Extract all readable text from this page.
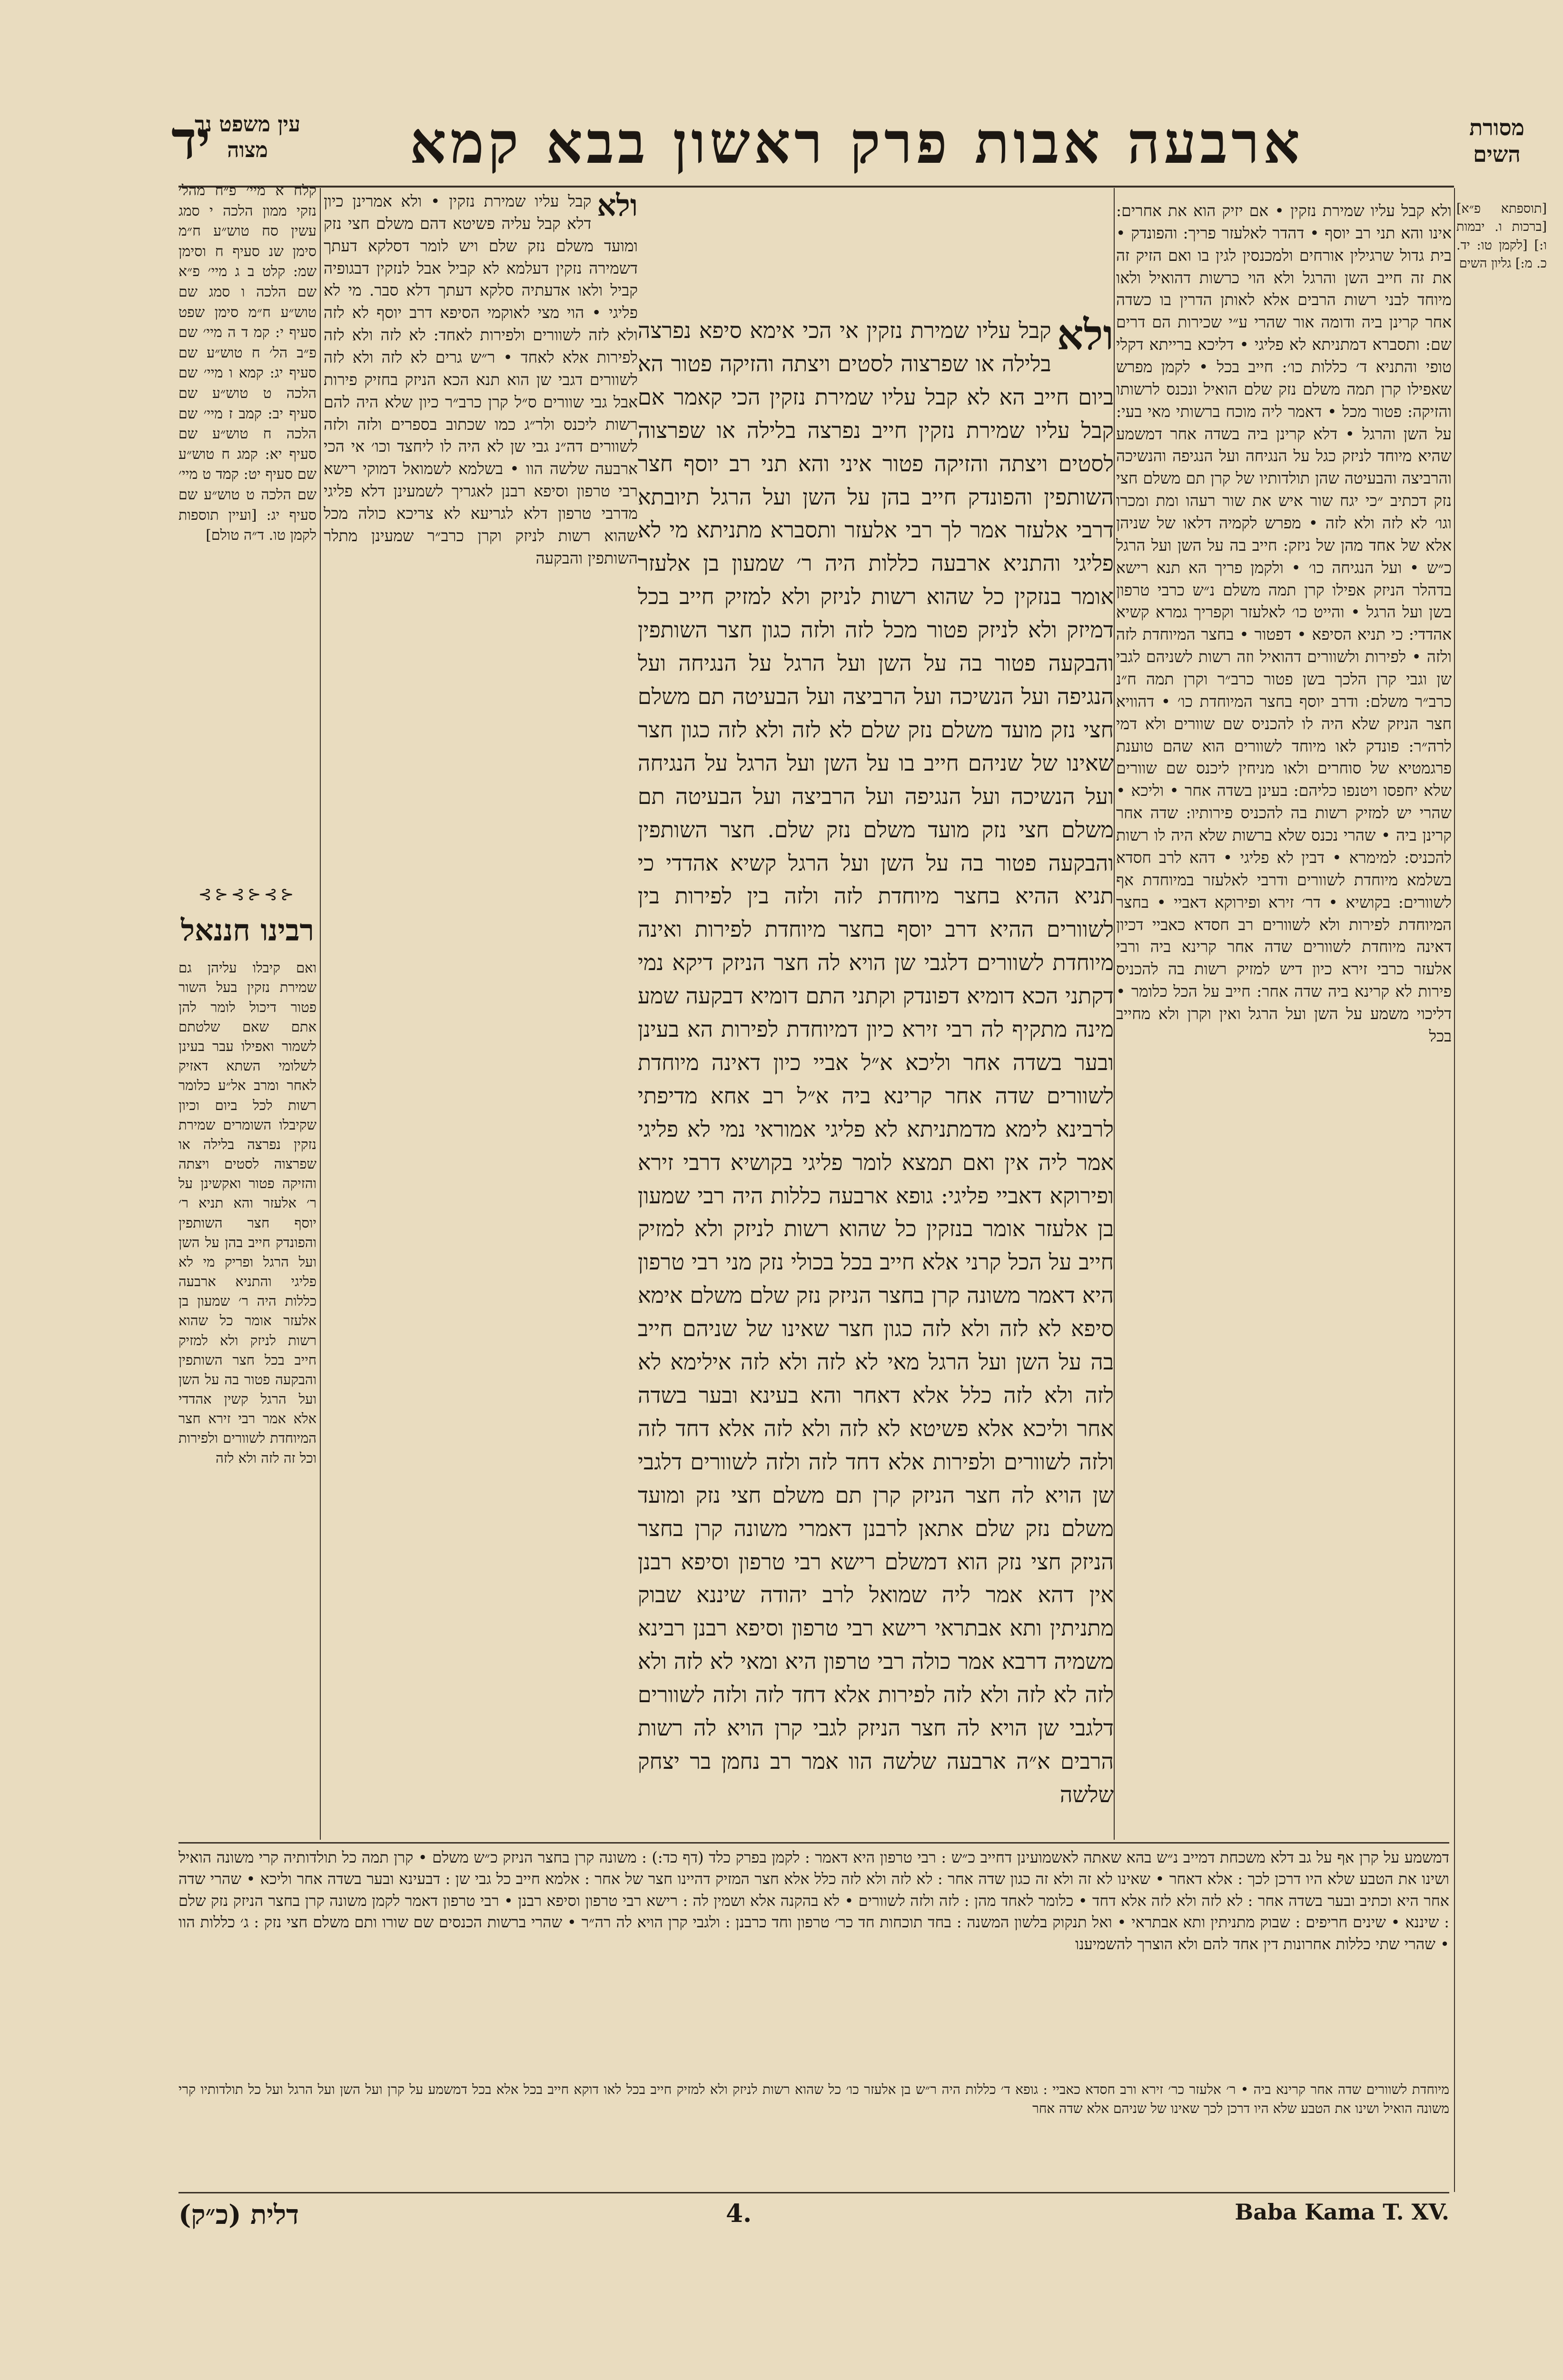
יד	ארבעה אבות פרק ראשון בבא קמא	מסורת השים
עין משפט נר מצוה
[תוספתא פ״א] [ברכות ו. יבמות ו:] [לקמן טו: יד. כ. מ:] גליון השים
ולא קבל עליו שמירת נזקין • אם יזיק הוא את אחרים: אינו והא תני רב יוסף • דהדר לאלעזר פריך: והפונדק • בית גדול שרגילין אורחים ולמכנסין לגין בו ואם הזיק זה את זה חייב השן והרגל ולא הוי כרשות דהואיל ולאו מיוחד לבני רשות הרבים אלא לאותן הדרין בו כשדה אחר קרינן ביה ודומה אור שהרי ע״י שכירות הם דרים שם: ותסברא דמתניתא לא פליגי • דליכא ברייתא דקלי טופי והתניא ד׳ כללות כו׳: חייב בכל • לקמן מפרש שאפילו קרן תמה משלם נזק שלם הואיל ונכנס לרשותו והזיקה: פטור מכל • דאמר ליה מוכח ברשותי מאי בעי: על השן והרגל • דלא קרינן ביה בשדה אחר דמשמע שהיא מיוחד לניזק כגל על הנגיחה ועל הנגיפה והנשיכה והרביצה והבעיטה שהן תולדותיו של קרן תם משלם חצי נזק דכתיב ״כי יגח שור איש את שור רעהו ומת ומכרו וגו׳ לא לזה ולא לזה • מפרש לקמיה דלאו של שניהן אלא של אחד מהן של ניזק: חייב בה על השן ועל הרגל כ״ש • ועל הנגיחה כו׳ • ולקמן פריך הא תנא רישא בדהלר הניזק אפילו קרן תמה משלם נ״ש כרבי טרפון בשן ועל הרגל • והייט כו׳ לאלעזר וקפריך גמרא קשיא אהדדי: כי תניא הסיפא • דפטור • בחצר המיוחדת לזה ולזה • לפירות ולשוורים דהואיל וזה רשות לשניהם לגבי שן וגבי קרן הלכך בשן פטור כרב״ר וקרן תמה ח״נ כרב״ר משלם: ודרב יוסף בחצר המיוחדת כו׳ • דהוויא חצר הניזק שלא היה לו להכניס שם שוורים ולא דמי לרה״ר: פונדק לאו מיוחד לשוורים הוא שהם טוענת פרגמטיא של סוחרים ולאו מניחין ליכנס שם שוורים שלא יחפסו ויטנפו כליהם: בעינן בשדה אחר • וליכא • שהרי יש למזיק רשות בה להכניס פירותיו: שדה אחר קרינן ביה • שהרי נכנס שלא ברשות שלא היה לו רשות להכניס: למימרא • דבין לא פליגי • דהא לרב חסדא בשלמא מיוחדת לשוורים ודרבי לאלעזר במיוחדת אף לשוורים: בקושיא • דר׳ זירא ופירוקא דאביי • בחצר המיוחדת לפירות ולא לשוורים רב חסדא כאביי דכיון דאינה מיוחדת לשוורים שדה אחר קרינא ביה ורבי אלעזר כרבי זירא כיון דיש למזיק רשות בה להכניס פירות לא קרינא ביה שדה אחר: חייב על הכל כלומר • דליכוי משמע על השן ועל הרגל ואין וקרן ולא מחייב בכל
ולא
קבל עליו שמירת נזקין אי הכי אימא סיפא נפרצה בלילה או שפרצוה לסטים ויצתה והזיקה פטור הא ביום חייב הא לא קבל עליו שמירת נזקין הכי קאמר אם קבל עליו שמירת נזקין חייב נפרצה בלילה או שפרצוה לסטים ויצתה והזיקה פטור איני והא תני רב יוסף חצר השותפין והפונדק חייב בהן על השן ועל הרגל תיובתא דרבי אלעזר אמר לך רבי אלעזר ותסברא מתניתא מי לא פליגי והתניא ארבעה כללות היה ר׳ שמעון בן אלעזר אומר בנזקין כל שהוא רשות לניזק ולא למזיק חייב בכל דמיזק ולא לניזק פטור מכל לזה ולזה כגון חצר השותפין והבקעה פטור בה על השן ועל הרגל על הנגיחה ועל הנגיפה ועל הנשיכה ועל הרביצה ועל הבעיטה תם משלם חצי נזק מועד משלם נזק שלם לא לזה ולא לזה כגון חצר שאינו של שניהם חייב בו על השן ועל הרגל על הנגיחה ועל הנשיכה ועל הנגיפה ועל הרביצה ועל הבעיטה תם משלם חצי נזק מועד משלם נזק שלם. חצר השותפין והבקעה פטור בה על השן ועל הרגל קשיא אהדדי כי תניא ההיא בחצר מיוחדת לזה ולזה בין לפירות בין לשוורים ההיא דרב יוסף בחצר מיוחדת לפירות ואינה מיוחדת לשוורים דלגבי שן הויא לה חצר הניזק דיקא נמי דקתני הכא דומיא דפונדק וקתני התם דומיא דבקעה שמע מינה מתקיף לה רבי זירא כיון דמיוחדת לפירות הא בעינן ובער בשדה אחר וליכא א״ל אביי כיון דאינה מיוחדת לשוורים שדה אחר קרינא ביה א״ל רב אחא מדיפתי לרבינא לימא מדמתניתא לא פליגי אמוראי נמי לא פליגי אמר ליה אין ואם תמצא לומר פליגי בקושיא דרבי זירא ופירוקא דאביי פליגי: גופא ארבעה כללות היה רבי שמעון בן אלעזר אומר בנזקין כל שהוא רשות לניזק ולא למזיק חייב על הכל קרני אלא חייב בכל בכולי נזק מני רבי טרפון היא דאמר משונה קרן בחצר הניזק נזק שלם משלם אימא סיפא לא לזה ולא לזה כגון חצר שאינו של שניהם חייב בה על השן ועל הרגל מאי לא לזה ולא לזה אילימא לא לזה ולא לזה כלל אלא דאחר והא בעינא ובער בשדה אחר וליכא אלא פשיטא לא לזה ולא לזה אלא דחד לזה ולזה לשוורים ולפירות אלא דחד לזה ולזה לשוורים דלגבי שן הויא לה חצר הניזק קרן תם משלם חצי נזק ומועד משלם נזק שלם אתאן לרבנן דאמרי משונה קרן בחצר הניזק חצי נזק הוא דמשלם רישא רבי טרפון וסיפא רבנן אין דהא אמר ליה שמואל לרב יהודה שיננא שבוק מתניתין ותא אבתראי רישא רבי טרפון וסיפא רבנן רבינא משמיה דרבא אמר כולה רבי טרפון היא ומאי לא לזה ולא לזה לא לזה ולא לזה לפירות אלא דחד לזה ולזה לשוורים דלגבי שן הויא לה חצר הניזק לגבי קרן הויא לה רשות הרבים א״ה ארבעה שלשה הוו אמר רב נחמן בר יצחק שלשה
ולא
קבל עליו שמירת נזקין • ולא אמרינן כיון דלא קבל עליה פשיטא דהם משלם חצי נזק ומועד משלם נזק שלם ויש לומר דסלקא דעתך דשמירה נזקין דעלמא לא קביל אבל לנזקין דבגופיה קביל ולאו אדעתיה סלקא דעתך דלא סבר. מי לא פליגי • הוי מצי לאוקמי הסיפא דרב יוסף לא לזה ולא לזה לשוורים ולפירות לאחד: לא לזה ולא לזה לפירות אלא לאחד • ר״ש גרים לא לזה ולא לזה לשוורים דגבי שן הוא תנא הכא הניזק בחזיק פירות אבל גבי שוורים ס״ל קרן כרב״ר כיון שלא היה להם רשות ליכנס ולר״ג כמו שכתוב בספרים ולזה ולזה לשוורים דה״נ גבי שן לא היה לו ליחצד וכו׳ אי הכי ארבעה שלשה הוו • בשלמא לשמואל דמוקי רישא רבי טרפון וסיפא רבנן לאגריך לשמעינן דלא פליגי מדרבי טרפון דלא לגריעא לא צריכא כולה מכל שהוא רשות לניזק וקרן כרב״ר שמעינן מתלר השותפין והבקעה
קלח א מיי׳ פ״ח מהל׳ נזקי ממון הלכה י סמג עשין סח טוש״ע ח״מ סימן שנ סעיף ח וסימן שמ: קלט ב ג מיי׳ פ״א שם הלכה ו סמג שם טוש״ע ח״מ סימן שפט סעיף י: קמ ד ה מיי׳ שם פ״ב הל׳ ח טוש״ע שם סעיף יג: קמא ו מיי׳ שם הלכה ט טוש״ע שם סעיף יב: קמב ז מיי׳ שם הלכה ח טוש״ע שם סעיף יא: קמג ח טוש״ע שם סעיף יט: קמד ט מיי׳ שם הלכה ט טוש״ע שם סעיף יג: [ועיין תוספות לקמן טו. ד״ה טולם]
⊰⊱⊰⊱⊰⊱
רבינו חננאל
ואם קיבלו עליהן גם שמירת נזקין בעל השור פטור דיכול לומר להן אתם שאם שלטתם לשמור ואפילו עבר בעינן לשלומי השתא דאזיק לאחר ומרב אל״ע כלומר רשות לכל ביום וכיון שקיבלו השומרים שמירת נזקין נפרצה בלילה או שפרצוה לסטים ויצתה והזיקה פטור ואקשינן על ר׳ אלעזר והא תניא ר׳ יוסף חצר השותפין והפונדק חייב בהן על השן ועל הרגל ופריק מי לא פליגי והתניא ארבעה כללות היה ר׳ שמעון בן אלעזר אומר כל שהוא רשות לניזק ולא למזיק חייב בכל חצר השותפין והבקעה פטור בה על השן ועל הרגל קשין אהדדי אלא אמר רבי זירא חצר המיוחדת לשוורים ולפירות וכל זה לזה ולא לזה
דמשמע על קרן אף על גב דלא משכחת דמייב נ״ש בהא שאתה לאשמועינן דחייב כ״ש : רבי טרפון היא דאמר : לקמן בפרק כלד (דף כד:) : משונה קרן בחצר הניזק כ״ש משלם • קרן תמה כל תולדותיה קרי משונה הואיל ושינו את הטבע שלא היו דרכן לכך : אלא דאחר • שאינו לא זה ולא זה כגון שדה אחר : לא לזה ולא לזה כלל אלא חצר המזיק דהיינו חצר של אחר : אלמא חייב כל גבי שן : דבעינא ובער בשדה אחר וליכא • שהרי שדה אחר היא וכתיב ובער בשדה אחר : לא לזה ולא לזה אלא דחד • כלומר לאחד מהן : לזה ולזה לשוורים • לא בהקנה אלא ושמין לה : רישא רבי טרפון וסיפא רבנן • רבי טרפון דאמר לקמן משונה קרן בחצר הניזק נזק שלם : שיננא • שינים חריפים : שבוק מתניתין ותא אבתראי • ואל תנקוק בלשון המשנה : בחד תוכחות חד כר׳ טרפון וחד כרבנן : ולגבי קרן הויא לה רה״ר • שהרי ברשות הכנסים שם שורו ותם משלם חצי נזק : ג׳ כללות הוו • שהרי שתי כללות אחרונות דין אחד להם ולא הוצרך להשמיענו
מיוחדת לשוורים שדה אחר קרינא ביה • ר׳ אלעזר כר׳ זירא ורב חסדא כאביי : גופא ד׳ כללות היה ר״ש בן אלעזר כו׳ כל שהוא רשות לניזק ולא למזיק חייב בכל לאו דוקא חייב בכל אלא בכל דמשמע על קרן ועל השן ועל הרגל ועל כל תולדותיו קרי משונה הואיל ושינו את הטבע שלא היו דרכן לכך שאינו של שניהם אלא שדה אחר
דלית (כ״ק)	4.	Baba Kama T. XV.
